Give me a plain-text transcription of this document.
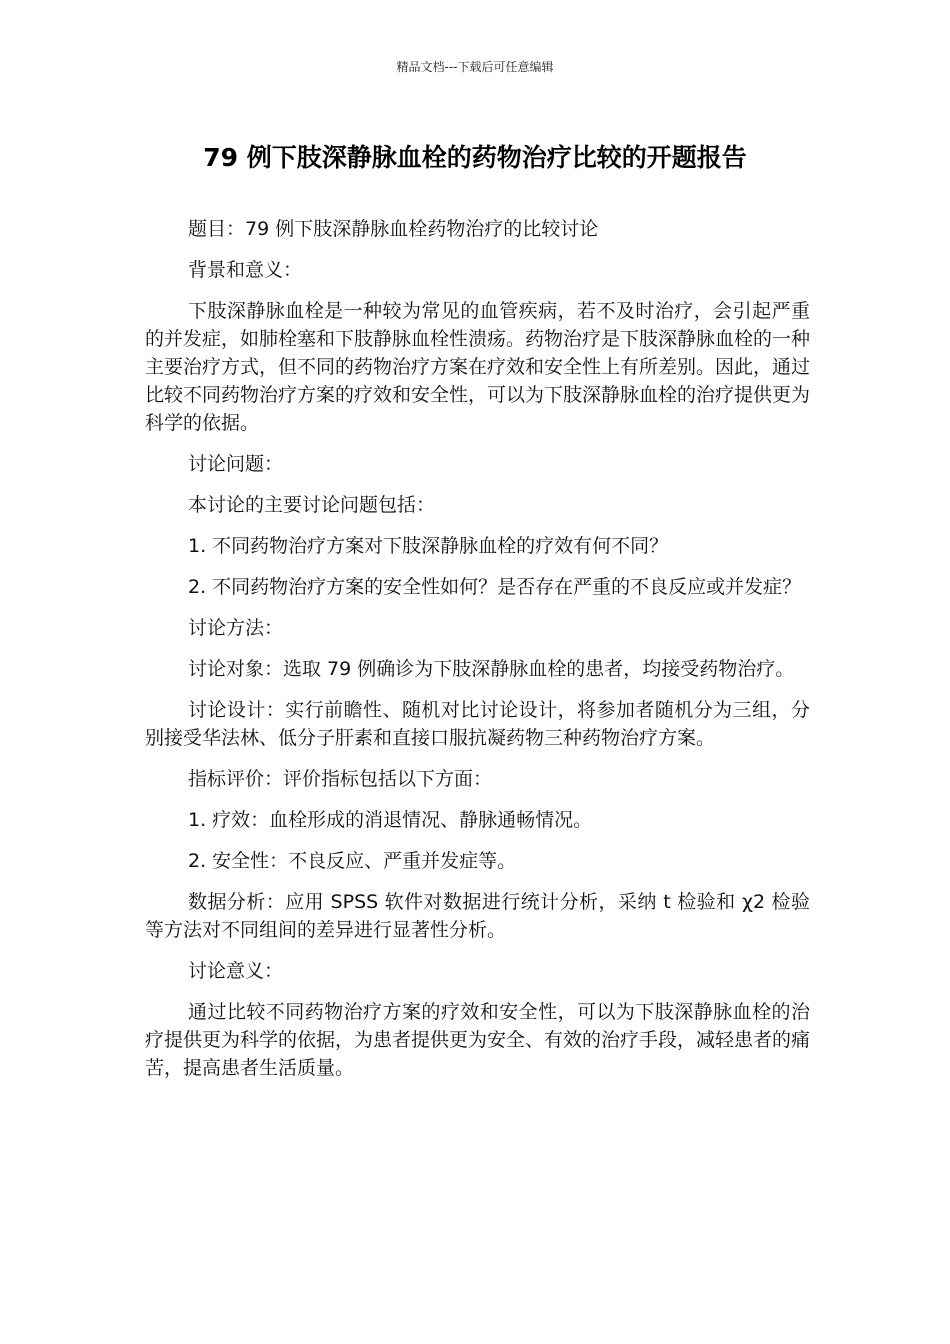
精品文档---下载后可任意编辑
79 例下肢深静脉血栓的药物治疗比较的开题报告

题目：79 例下肢深静脉血栓药物治疗的比较讨论

背景和意义：

下肢深静脉血栓是一种较为常见的血管疾病，若不及时治疗，会引起严重的并发症，如肺栓塞和下肢静脉血栓性溃疡。药物治疗是下肢深静脉血栓的一种主要治疗方式，但不同的药物治疗方案在疗效和安全性上有所差别。因此，通过比较不同药物治疗方案的疗效和安全性，可以为下肢深静脉血栓的治疗提供更为科学的依据。

讨论问题：

本讨论的主要讨论问题包括：

1. 不同药物治疗方案对下肢深静脉血栓的疗效有何不同？

2. 不同药物治疗方案的安全性如何？是否存在严重的不良反应或并发症？

讨论方法：

讨论对象：选取 79 例确诊为下肢深静脉血栓的患者，均接受药物治疗。

讨论设计：实行前瞻性、随机对比讨论设计，将参加者随机分为三组，分别接受华法林、低分子肝素和直接口服抗凝药物三种药物治疗方案。

指标评价：评价指标包括以下方面：

1. 疗效：血栓形成的消退情况、静脉通畅情况。

2. 安全性：不良反应、严重并发症等。

数据分析：应用 SPSS 软件对数据进行统计分析，采纳 t 检验和 χ2 检验等方法对不同组间的差异进行显著性分析。

讨论意义：

通过比较不同药物治疗方案的疗效和安全性，可以为下肢深静脉血栓的治疗提供更为科学的依据，为患者提供更为安全、有效的治疗手段，减轻患者的痛苦，提高患者生活质量。
